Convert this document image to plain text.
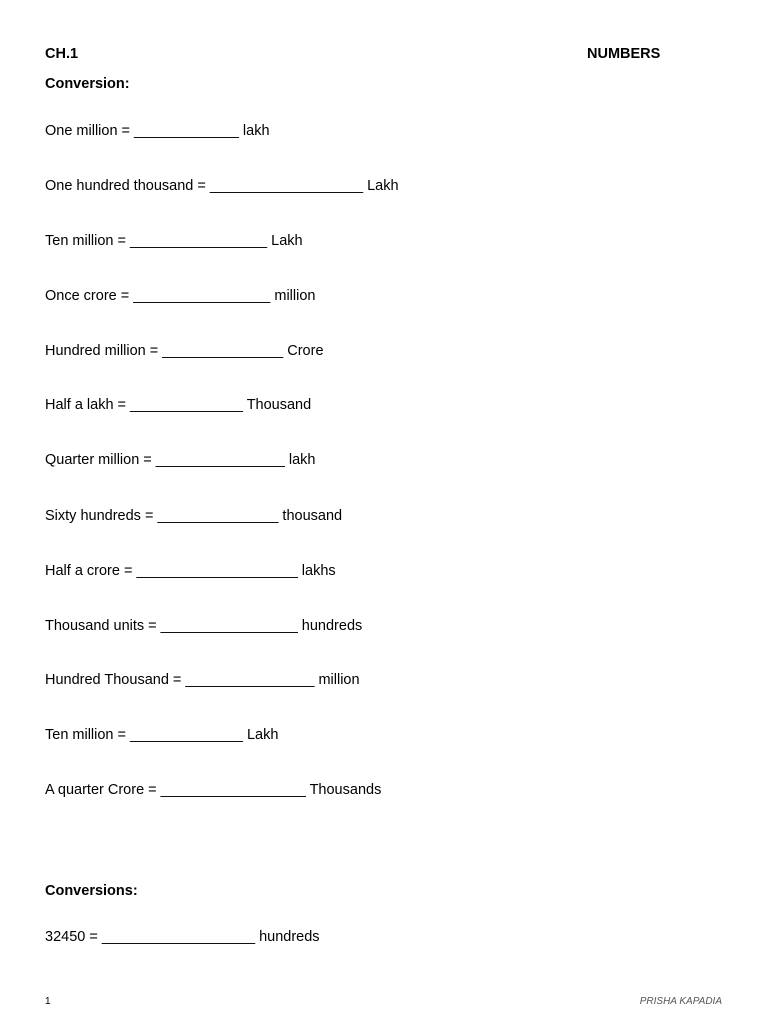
CH.1	NUMBERS
Conversion:
One million = _____________ lakh
One hundred thousand = ___________________ Lakh
Ten million = _________________ Lakh
Once crore = _________________ million
Hundred million = _______________ Crore
Half a lakh = ______________ Thousand
Quarter million = ________________ lakh
Sixty hundreds = _______________ thousand
Half a crore = ____________________ lakhs
Thousand units = _________________ hundreds
Hundred Thousand = ________________ million
Ten million = ______________ Lakh
A quarter Crore = __________________ Thousands
Conversions:
32450 = ___________________ hundreds
1	PRISHA KAPADIA
